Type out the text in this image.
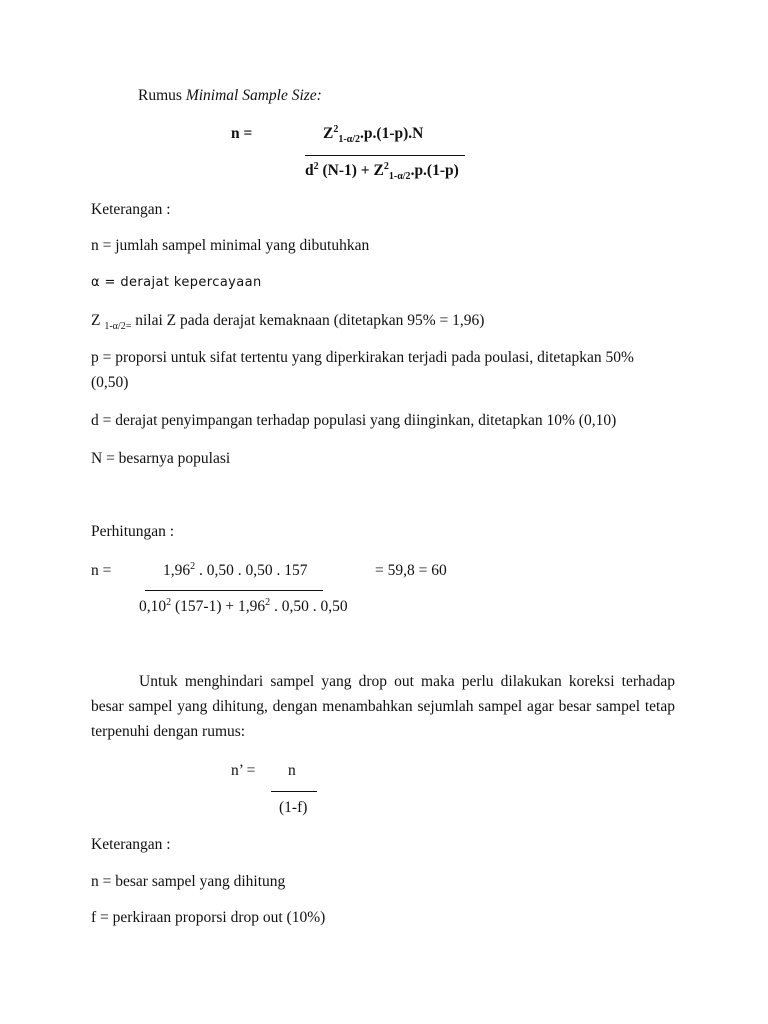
Rumus Minimal Sample Size:
n =	$Z^2_{1-\alpha/2}.p.(1-p).N$
$d^2$ $(N-1) + Z^2_{1-\alpha/2}.p.(1-p)$
Keterangan :
n = jumlah sampel minimal yang dibutuhkan
α = derajat kepercayaan
Z $_{1-\alpha/2=}$ nilai Z pada derajat kemaknaan (ditetapkan 95% = 1,96)
p = proporsi untuk sifat tertentu yang diperkirakan terjadi pada poulasi, ditetapkan 50%
(0,50)
d = derajat penyimpangan terhadap populasi yang diinginkan, ditetapkan 10% (0,10)
N = besarnya populasi
Perhitungan :
n =	$1,96^2$ . 0,50 . 0,50 . 157	= 59,8 = 60
0,10$^2$ $(157-1) + 1,96^2$ . 0,50 . 0,50
Untuk menghindari sampel yang drop out maka perlu dilakukan koreksi terhadap besar sampel yang dihitung, dengan menambahkan sejumlah sampel agar besar sampel tetap terpenuhi dengan rumus:
n’ = n
(1-f)
Keterangan :
n = besar sampel yang dihitung
f = perkiraan proporsi drop out (10%)
